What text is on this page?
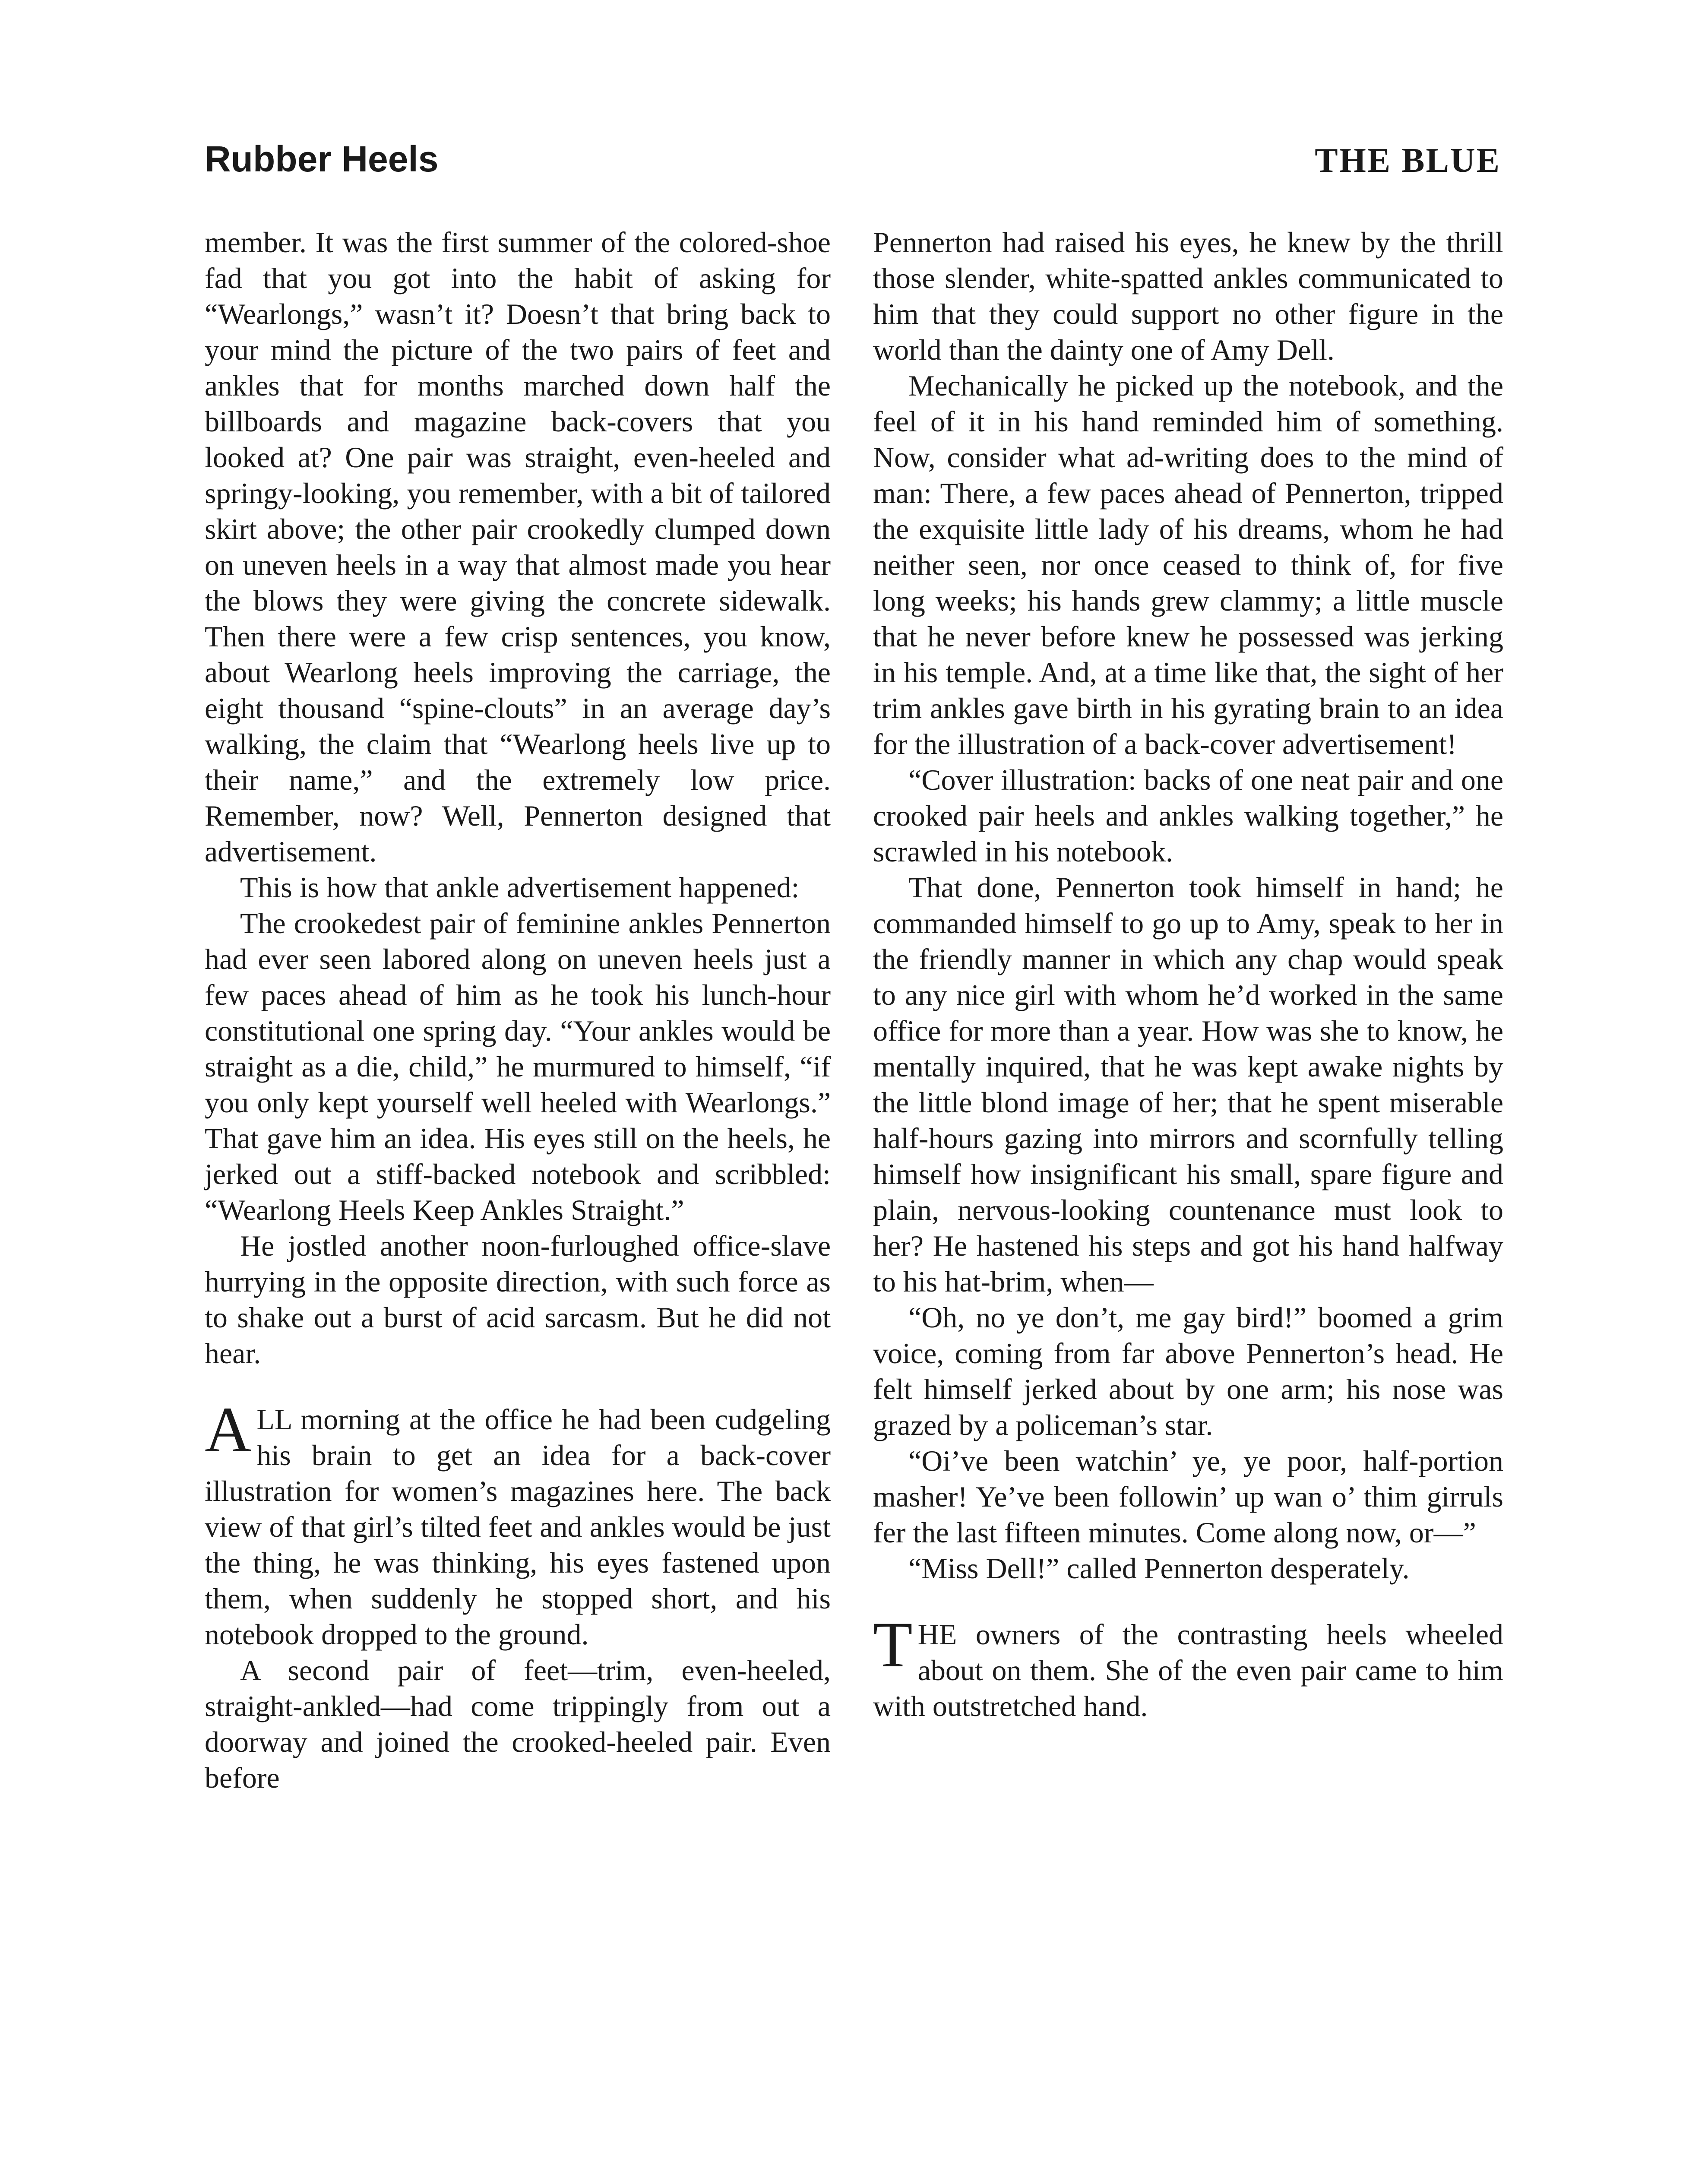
Rubber Heels	THE BLUE

member. It was the first summer of the colored-shoe fad that you got into the habit of asking for “Wearlongs,” wasn’t it? Doesn’t that bring back to your mind the picture of the two pairs of feet and ankles that for months marched down half the billboards and magazine back-covers that you looked at? One pair was straight, even-heeled and springy-looking, you remember, with a bit of tailored skirt above; the other pair crookedly clumped down on uneven heels in a way that almost made you hear the blows they were giving the concrete sidewalk. Then there were a few crisp sentences, you know, about Wearlong heels improving the carriage, the eight thousand “spine-clouts” in an average day’s walking, the claim that “Wearlong heels live up to their name,” and the extremely low price. Remember, now? Well, Pennerton designed that advertisement.

This is how that ankle advertisement happened:

The crookedest pair of feminine ankles Pennerton had ever seen labored along on uneven heels just a few paces ahead of him as he took his lunch-hour constitutional one spring day. “Your ankles would be straight as a die, child,” he murmured to himself, “if you only kept yourself well heeled with Wearlongs.” That gave him an idea. His eyes still on the heels, he jerked out a stiff-backed notebook and scribbled: “Wearlong Heels Keep Ankles Straight.”

He jostled another noon-furloughed office-slave hurrying in the opposite direction, with such force as to shake out a burst of acid sarcasm. But he did not hear.

ALL morning at the office he had been cudgeling his brain to get an idea for a back-cover illustration for women’s magazines here. The back view of that girl’s tilted feet and ankles would be just the thing, he was thinking, his eyes fastened upon them, when suddenly he stopped short, and his notebook dropped to the ground.

A second pair of feet—trim, even-heeled, straight-ankled—had come trippingly from out a doorway and joined the crooked-heeled pair. Even before

Pennerton had raised his eyes, he knew by the thrill those slender, white-spatted ankles communicated to him that they could support no other figure in the world than the dainty one of Amy Dell.

Mechanically he picked up the notebook, and the feel of it in his hand reminded him of something. Now, consider what ad-writing does to the mind of man: There, a few paces ahead of Pennerton, tripped the exquisite little lady of his dreams, whom he had neither seen, nor once ceased to think of, for five long weeks; his hands grew clammy; a little muscle that he never before knew he possessed was jerking in his temple. And, at a time like that, the sight of her trim ankles gave birth in his gyrating brain to an idea for the illustration of a back-cover advertisement!

“Cover illustration: backs of one neat pair and one crooked pair heels and ankles walking together,” he scrawled in his notebook.

That done, Pennerton took himself in hand; he commanded himself to go up to Amy, speak to her in the friendly manner in which any chap would speak to any nice girl with whom he’d worked in the same office for more than a year. How was she to know, he mentally inquired, that he was kept awake nights by the little blond image of her; that he spent miserable half-hours gazing into mirrors and scornfully telling himself how insignificant his small, spare figure and plain, nervous-looking countenance must look to her? He hastened his steps and got his hand halfway to his hat-brim, when—

“Oh, no ye don’t, me gay bird!” boomed a grim voice, coming from far above Pennerton’s head. He felt himself jerked about by one arm; his nose was grazed by a policeman’s star.

“Oi’ve been watchin’ ye, ye poor, half-portion masher! Ye’ve been followin’ up wan o’ thim girruls fer the last fifteen minutes. Come along now, or—”

“Miss Dell!” called Pennerton desperately.

THE owners of the contrasting heels wheeled about on them. She of the even pair came to him with outstretched hand.
